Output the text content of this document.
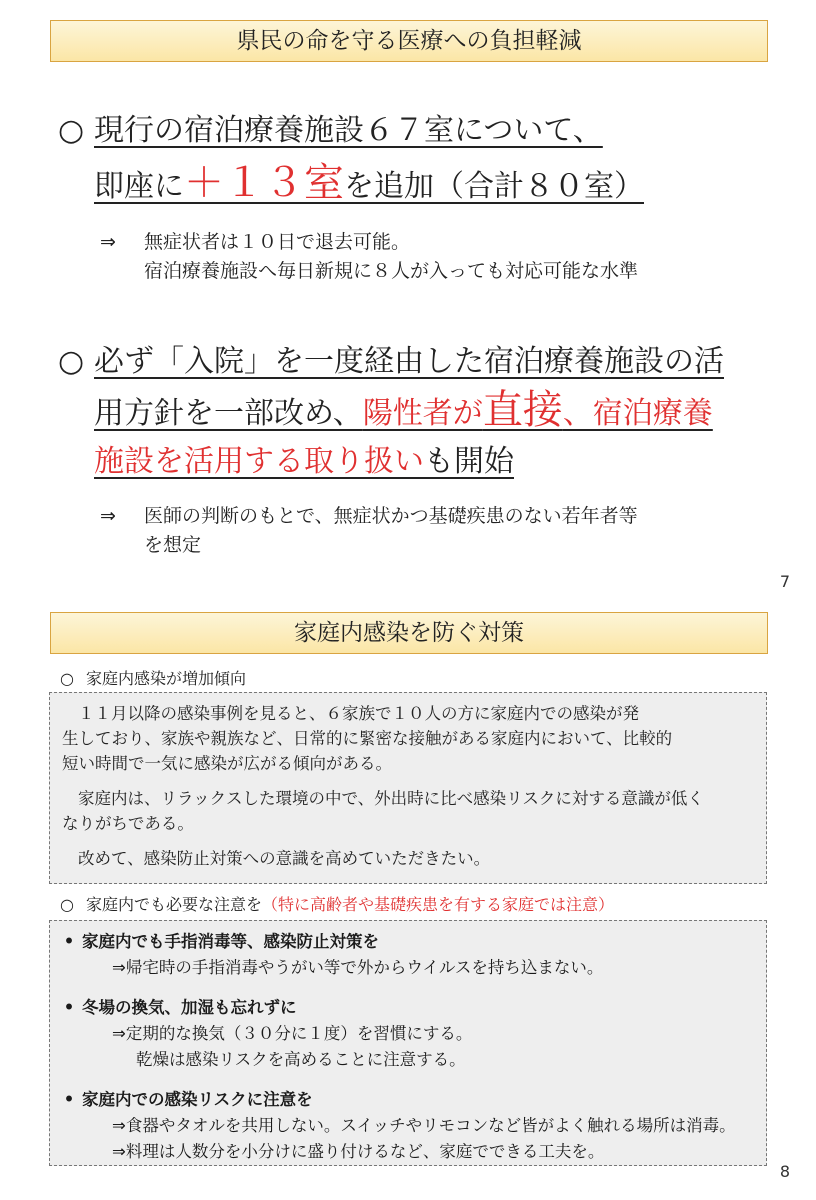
県民の命を守る医療への負担軽減
○ 現行の宿泊療養施設６７室について、
即座に＋１３室を追加（合計８０室）
⇒ 無症状者は１０日で退去可能。
宿泊療養施設へ毎日新規に８人が入っても対応可能な水準
○ 必ず「入院」を一度経由した宿泊療養施設の活
用方針を一部改め、陽性者が直接、宿泊療養
施設を活用する取り扱いも開始
⇒ 医師の判断のもとで、無症状かつ基礎疾患のない若年者等
を想定
7
家庭内感染を防ぐ対策
○ 家庭内感染が増加傾向

１１月以降の感染事例を見ると、６家族で１０人の方に家庭内での感染が発

生しており、家族や親族など、日常的に緊密な接触がある家庭内において、比較的

短い時間で一気に感染が広がる傾向がある。

家庭内は、リラックスした環境の中で、外出時に比べ感染リスクに対する意識が低く

なりがちである。

改めて、感染防止対策への意識を高めていただきたい。

○ 家庭内でも必要な注意を（特に高齢者や基礎疾患を有する家庭では注意）
• 家庭内でも手指消毒等、感染防止対策を
⇒帰宅時の手指消毒やうがい等で外からウイルスを持ち込まない。
• 冬場の換気、加湿も忘れずに
⇒定期的な換気（３０分に１度）を習慣にする。
乾燥は感染リスクを高めることに注意する。
• 家庭内での感染リスクに注意を
⇒食器やタオルを共用しない。スイッチやリモコンなど皆がよく触れる場所は消毒。
⇒料理は人数分を小分けに盛り付けるなど、家庭でできる工夫を。
8
